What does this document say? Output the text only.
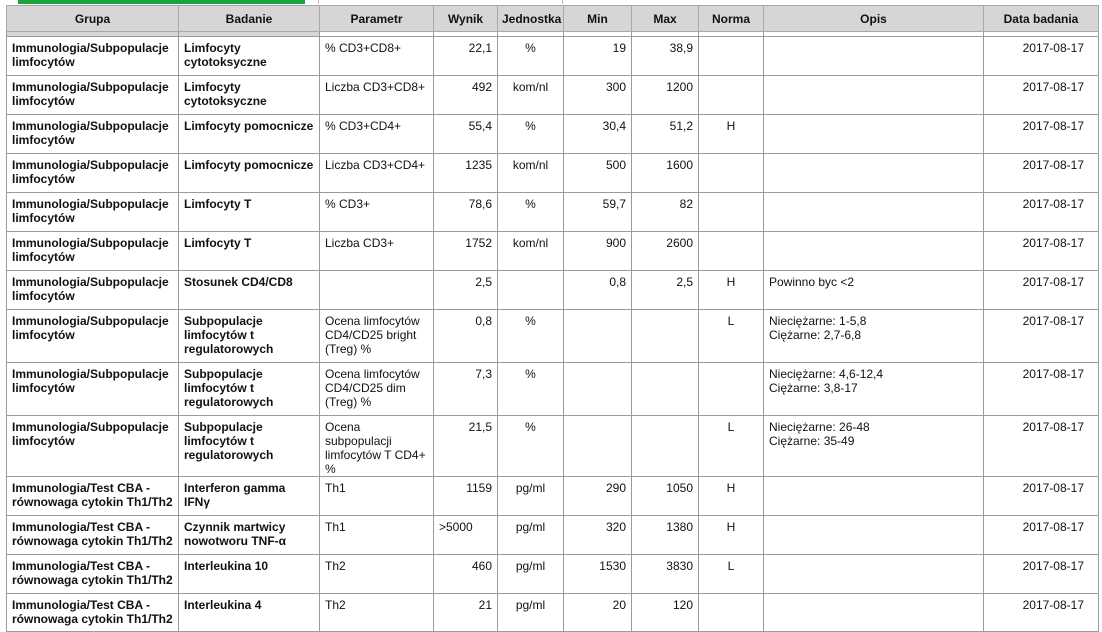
Grupa	Badanie	Parametr	Wynik	Jednostka	Min	Max	Norma	Opis	Data badania

Immunologia/Subpopulacje limfocytów	Limfocyty cytotoksyczne	% CD3+CD8+	22,1	%	19	38,9			2017-08-17
Immunologia/Subpopulacje limfocytów	Limfocyty cytotoksyczne	Liczba CD3+CD8+	492	kom/nl	300	1200			2017-08-17
Immunologia/Subpopulacje limfocytów	Limfocyty pomocnicze	% CD3+CD4+	55,4	%	30,4	51,2	H		2017-08-17
Immunologia/Subpopulacje limfocytów	Limfocyty pomocnicze	Liczba CD3+CD4+	1235	kom/nl	500	1600			2017-08-17
Immunologia/Subpopulacje limfocytów	Limfocyty T	% CD3+	78,6	%	59,7	82			2017-08-17
Immunologia/Subpopulacje limfocytów	Limfocyty T	Liczba CD3+	1752	kom/nl	900	2600			2017-08-17
Immunologia/Subpopulacje limfocytów	Stosunek CD4/CD8		2,5		0,8	2,5	H	Powinno byc <2	2017-08-17
Immunologia/Subpopulacje limfocytów	Subpopulacje limfocytów t regulatorowych	Ocena limfocytów CD4/CD25 bright (Treg) %	0,8	%			L	Nieciężarne: 1-5,8
Ciężarne: 2,7-6,8	2017-08-17
Immunologia/Subpopulacje limfocytów	Subpopulacje limfocytów t regulatorowych	Ocena limfocytów CD4/CD25 dim (Treg) %	7,3	%				Nieciężarne: 4,6-12,4
Ciężarne: 3,8-17	2017-08-17
Immunologia/Subpopulacje limfocytów	Subpopulacje limfocytów t regulatorowych	Ocena subpopulacji limfocytów T CD4+ %	21,5	%			L	Nieciężarne: 26-48
Ciężarne: 35-49	2017-08-17
Immunologia/Test CBA - równowaga cytokin Th1/Th2	Interferon gamma IFNγ	Th1	1159	pg/ml	290	1050	H		2017-08-17
Immunologia/Test CBA - równowaga cytokin Th1/Th2	Czynnik martwicy nowotworu TNF-α	Th1	>5000	pg/ml	320	1380	H		2017-08-17
Immunologia/Test CBA - równowaga cytokin Th1/Th2	Interleukina 10	Th2	460	pg/ml	1530	3830	L		2017-08-17
Immunologia/Test CBA - równowaga cytokin Th1/Th2	Interleukina 4	Th2	21	pg/ml	20	120			2017-08-17
